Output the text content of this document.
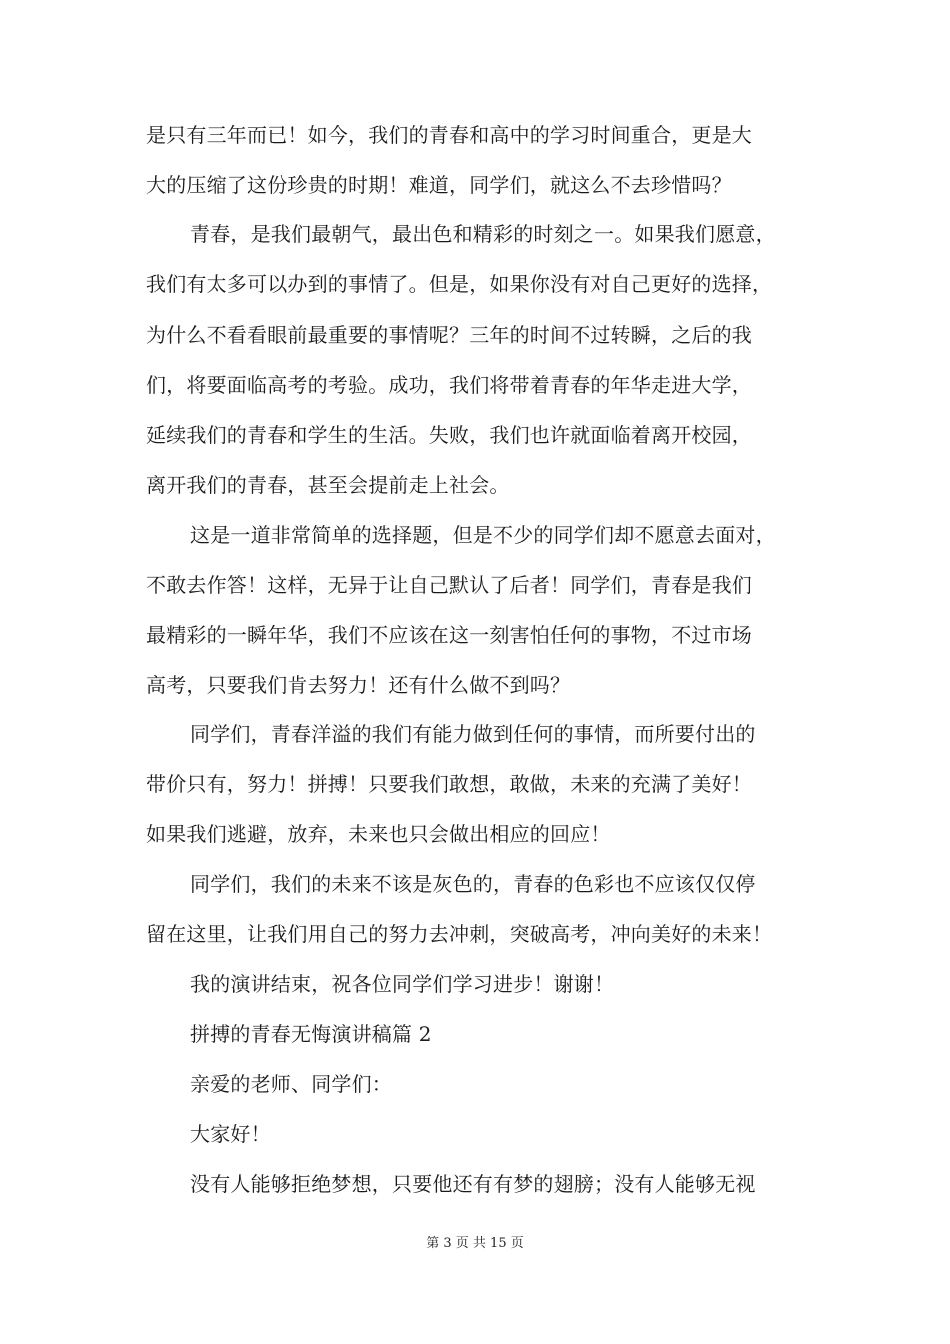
是只有三年而已！如今，我们的青春和高中的学习时间重合，更是大
大的压缩了这份珍贵的时期！难道，同学们，就这么不去珍惜吗？
青春，是我们最朝气，最出色和精彩的时刻之一。如果我们愿意，
我们有太多可以办到的事情了。但是，如果你没有对自己更好的选择，
为什么不看看眼前最重要的事情呢？三年的时间不过转瞬，之后的我
们，将要面临高考的考验。成功，我们将带着青春的年华走进大学，
延续我们的青春和学生的生活。失败，我们也许就面临着离开校园，
离开我们的青春，甚至会提前走上社会。
这是一道非常简单的选择题，但是不少的同学们却不愿意去面对，
不敢去作答！这样，无异于让自己默认了后者！同学们，青春是我们
最精彩的一瞬年华，我们不应该在这一刻害怕任何的事物，不过市场
高考，只要我们肯去努力！还有什么做不到吗？
同学们，青春洋溢的我们有能力做到任何的事情，而所要付出的
带价只有，努力！拼搏！只要我们敢想，敢做，未来的充满了美好！
如果我们逃避，放弃，未来也只会做出相应的回应！
同学们，我们的未来不该是灰色的，青春的色彩也不应该仅仅停
留在这里，让我们用自己的努力去冲刺，突破高考，冲向美好的未来！
我的演讲结束，祝各位同学们学习进步！谢谢！
拼搏的青春无悔演讲稿篇 2
亲爱的老师、同学们：
大家好！
没有人能够拒绝梦想，只要他还有有梦的翅膀；没有人能够无视
第 3 页 共 15 页
